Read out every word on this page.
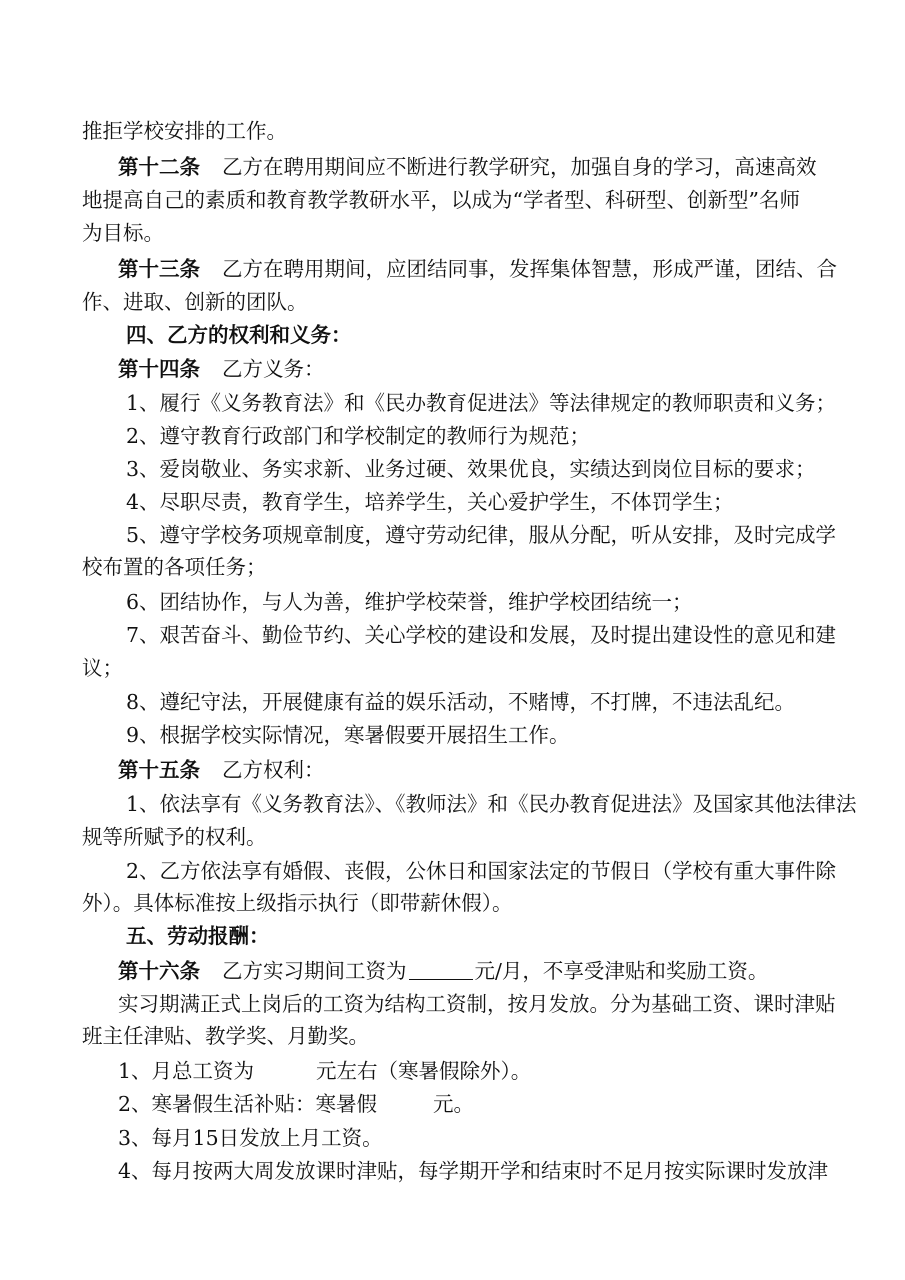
推拒学校安排的工作。
第十二条 乙方在聘用期间应不断进行教学研究，加强自身的学习，高速高效
地提高自己的素质和教育教学教研水平，以成为“学者型、科研型、创新型”名师
为目标。
第十三条 乙方在聘用期间，应团结同事，发挥集体智慧，形成严谨，团结、合
作、进取、创新的团队。
四、乙方的权利和义务：
第十四条 乙方义务：
1、履行《义务教育法》和《民办教育促进法》等法律规定的教师职责和义务；
2、遵守教育行政部门和学校制定的教师行为规范；
3、爱岗敬业、务实求新、业务过硬、效果优良，实绩达到岗位目标的要求；
4、尽职尽责，教育学生，培养学生，关心爱护学生，不体罚学生；
5、遵守学校务项规章制度，遵守劳动纪律，服从分配，听从安排，及时完成学
校布置的各项任务；
6、团结协作，与人为善，维护学校荣誉，维护学校团结统一；
7、艰苦奋斗、勤俭节约、关心学校的建设和发展，及时提出建设性的意见和建
议；
8、遵纪守法，开展健康有益的娱乐活动，不赌博，不打牌，不违法乱纪。
9、根据学校实际情况，寒暑假要开展招生工作。
第十五条 乙方权利：
1、依法享有《义务教育法》、《教师法》和《民办教育促进法》及国家其他法律法
规等所赋予的权利。
2、乙方依法享有婚假、丧假，公休日和国家法定的节假日（学校有重大事件除
外）。具体标准按上级指示执行（即带薪休假）。
五、劳动报酬：
第十六条 乙方实习期间工资为	元/月，不享受津贴和奖励工资。
实习期满正式上岗后的工资为结构工资制，按月发放。分为基础工资、课时津贴
班主任津贴、教学奖、月勤奖。
1、月总工资为	元左右（寒暑假除外）。
2、寒暑假生活补贴：寒暑假	元。
3、每月15日发放上月工资。
4、每月按两大周发放课时津贴，每学期开学和结束时不足月按实际课时发放津
